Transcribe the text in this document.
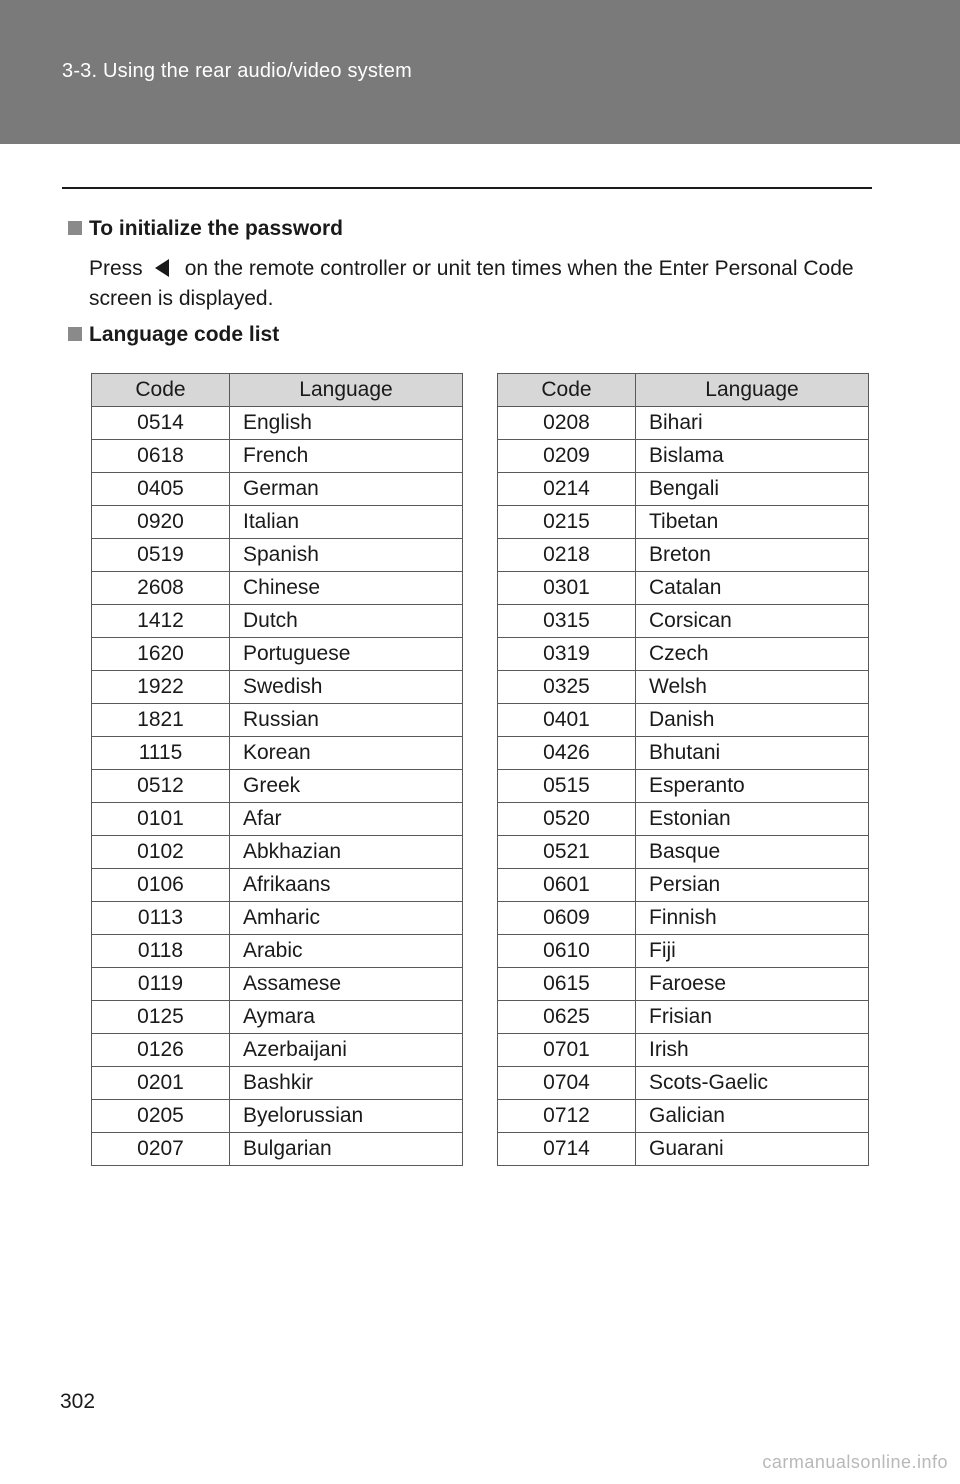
3-3. Using the rear audio/video system
To initialize the password
Press on the remote controller or unit ten times when the Enter Personal Code screen is displayed.
Language code list
Code	Language
0514	English
0618	French
0405	German
0920	Italian
0519	Spanish
2608	Chinese
1412	Dutch
1620	Portuguese
1922	Swedish
1821	Russian
1115	Korean
0512	Greek
0101	Afar
0102	Abkhazian
0106	Afrikaans
0113	Amharic
0118	Arabic
0119	Assamese
0125	Aymara
0126	Azerbaijani
0201	Bashkir
0205	Byelorussian
0207	Bulgarian
Code	Language
0208	Bihari
0209	Bislama
0214	Bengali
0215	Tibetan
0218	Breton
0301	Catalan
0315	Corsican
0319	Czech
0325	Welsh
0401	Danish
0426	Bhutani
0515	Esperanto
0520	Estonian
0521	Basque
0601	Persian
0609	Finnish
0610	Fiji
0615	Faroese
0625	Frisian
0701	Irish
0704	Scots-Gaelic
0712	Galician
0714	Guarani
302
carmanualsonline.info
